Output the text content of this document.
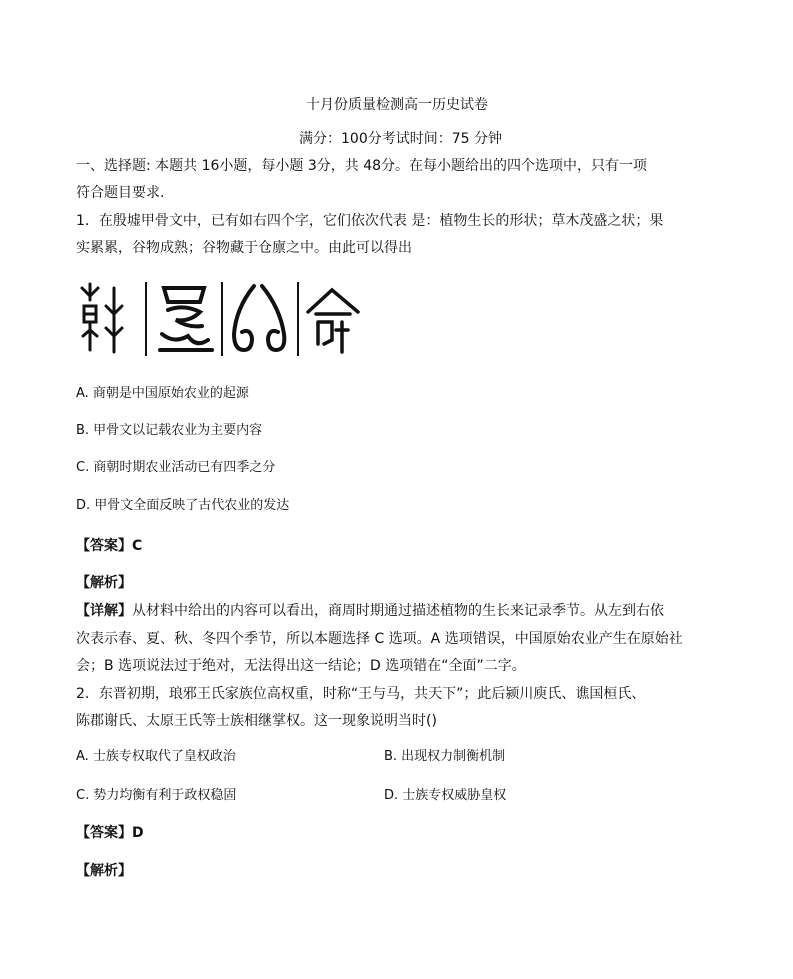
十月份质量检测高一历史试卷
满分：100分考试时间：75 分钟
一、选择题: 本题共 16小题，每小题 3分，共 48分。在每小题给出的四个选项中，只有一项
符合题目要求.
1．在殷墟甲骨文中，已有如右四个字，它们依次代表 是：植物生长的形状；草木茂盛之状；果
实累累，谷物成熟；谷物藏于仓廪之中。由此可以得出
A. 商朝是中国原始农业的起源
B. 甲骨文以记载农业为主要内容
C. 商朝时期农业活动已有四季之分
D. 甲骨文全面反映了古代农业的发达
【答案】C
【解析】
【详解】从材料中给出的内容可以看出，商周时期通过描述植物的生长来记录季节。从左到右依
次表示春、夏、秋、冬四个季节，所以本题选择 C 选项。A 选项错误，中国原始农业产生在原始社
会；B 选项说法过于绝对，无法得出这一结论；D 选项错在“全面”二字。
2．东晋初期，琅邪王氏家族位高权重，时称“王与马，共天下”；此后颍川庾氏、谯国桓氏、
陈郡谢氏、太原王氏等士族相继掌权。这一现象说明当时()
A. 士族专权取代了皇权政治	B. 出现权力制衡机制
C. 势力均衡有利于政权稳固	D. 士族专权威胁皇权
【答案】D
【解析】
